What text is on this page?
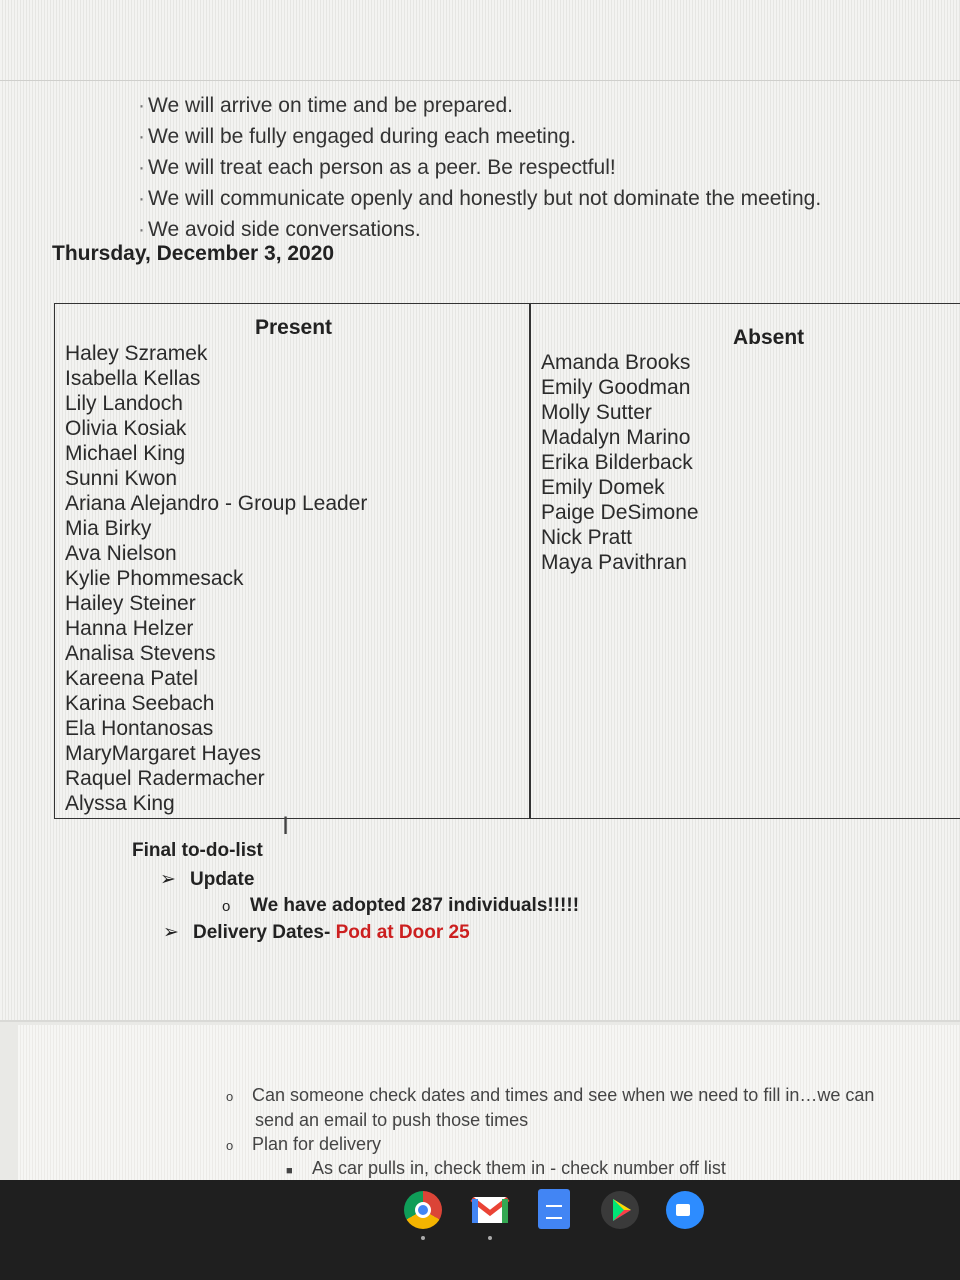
· We will arrive on time and be prepared.
· We will be fully engaged during each meeting.
· We will treat each person as a peer. Be respectful!
· We will communicate openly and honestly but not dominate the meeting.
· We avoid side conversations.
Thursday, December 3, 2020
Present	Absent
Haley Szramek
Isabella Kellas
Lily Landoch
Olivia Kosiak
Michael King
Sunni Kwon
Ariana Alejandro - Group Leader
Mia Birky
Ava Nielson
Kylie Phommesack
Hailey Steiner
Hanna Helzer
Analisa Stevens
Kareena Patel
Karina Seebach
Ela Hontanosas
MaryMargaret Hayes
Raquel Radermacher
Alyssa King
Amanda Brooks
Emily Goodman
Molly Sutter
Madalyn Marino
Erika Bilderback
Emily Domek
Paige DeSimone
Nick Pratt
Maya Pavithran
I
Final to-do-list
➢ Update
o We have adopted 287 individuals!!!!!
➢ Delivery Dates- Pod at Door 25
o Can someone check dates and times and see when we need to fill in…we can
send an email to push those times
o Plan for delivery
■ As car pulls in, check them in - check number off list
